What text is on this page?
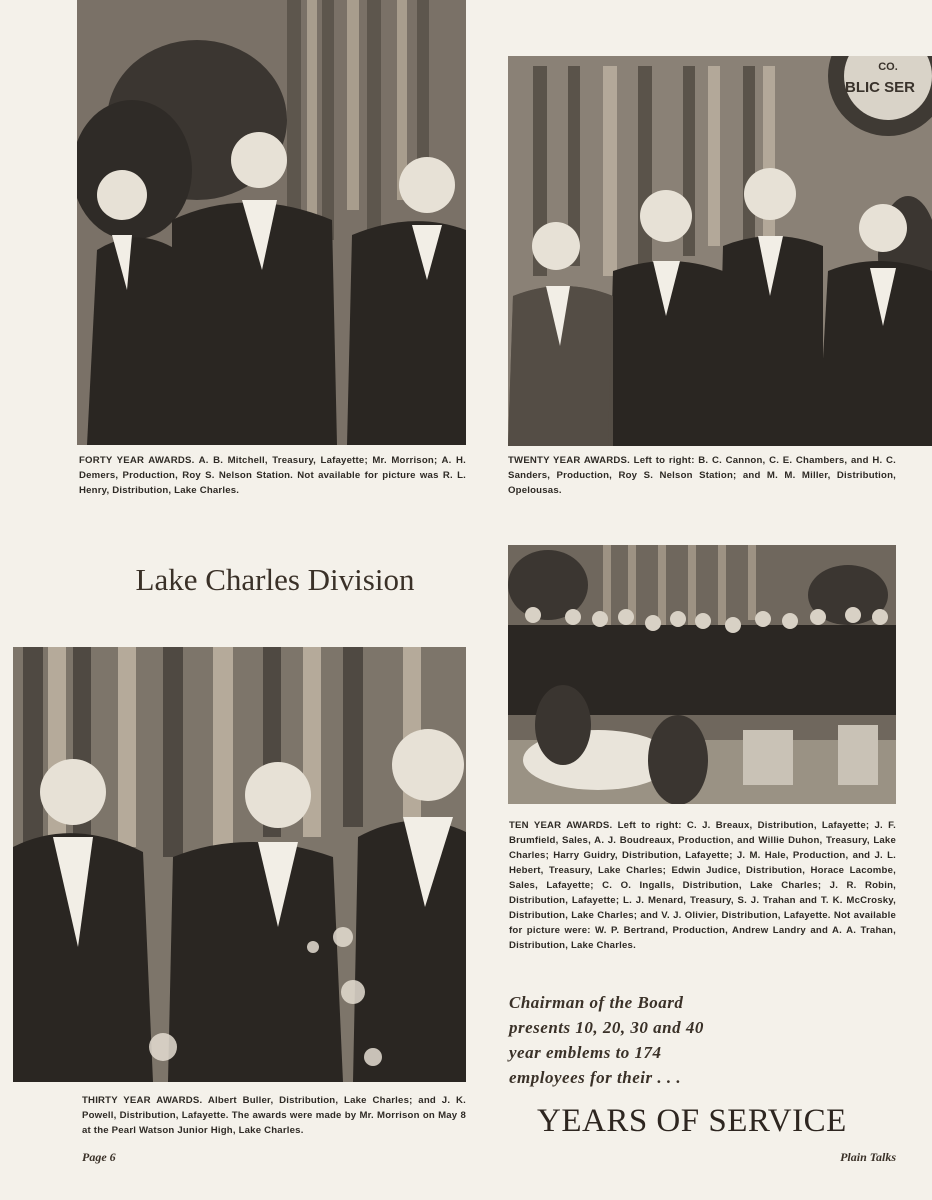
FORTY YEAR AWARDS. A. B. Mitchell, Treasury, Lafayette; Mr. Morrison; A. H. Demers, Production, Roy S. Nelson Station. Not available for picture was R. L. Henry, Distribution, Lake Charles.
CO.
BLIC SER
TWENTY YEAR AWARDS. Left to right: B. C. Cannon, C. E. Chambers, and H. C. Sanders, Production, Roy S. Nelson Station; and M. M. Miller, Distribution, Opelousas.
Lake Charles Division
TEN YEAR AWARDS. Left to right: C. J. Breaux, Distribution, Lafayette; J. F. Brumfield, Sales, A. J. Boudreaux, Production, and Willie Duhon, Treasury, Lake Charles; Harry Guidry, Distribution, Lafayette; J. M. Hale, Production, and J. L. Hebert, Treasury, Lake Charles; Edwin Judice, Distribution, Horace Lacombe, Sales, Lafayette; C. O. Ingalls, Distribution, Lake Charles; J. R. Robin, Distribution, Lafayette; L. J. Menard, Treasury, S. J. Trahan and T. K. McCrosky, Distribution, Lake Charles; and V. J. Olivier, Distribution, Lafayette. Not available for picture were: W. P. Bertrand, Production, Andrew Landry and A. A. Trahan, Distribution, Lake Charles.
THIRTY YEAR AWARDS. Albert Buller, Distribution, Lake Charles; and J. K. Powell, Distribution, Lafayette. The awards were made by Mr. Morrison on May 8 at the Pearl Watson Junior High, Lake Charles.
Chairman of the Board
presents 10, 20, 30 and 40
year emblems to 174
employees for their . . .
YEARS OF SERVICE
Page 6	Plain Talks
